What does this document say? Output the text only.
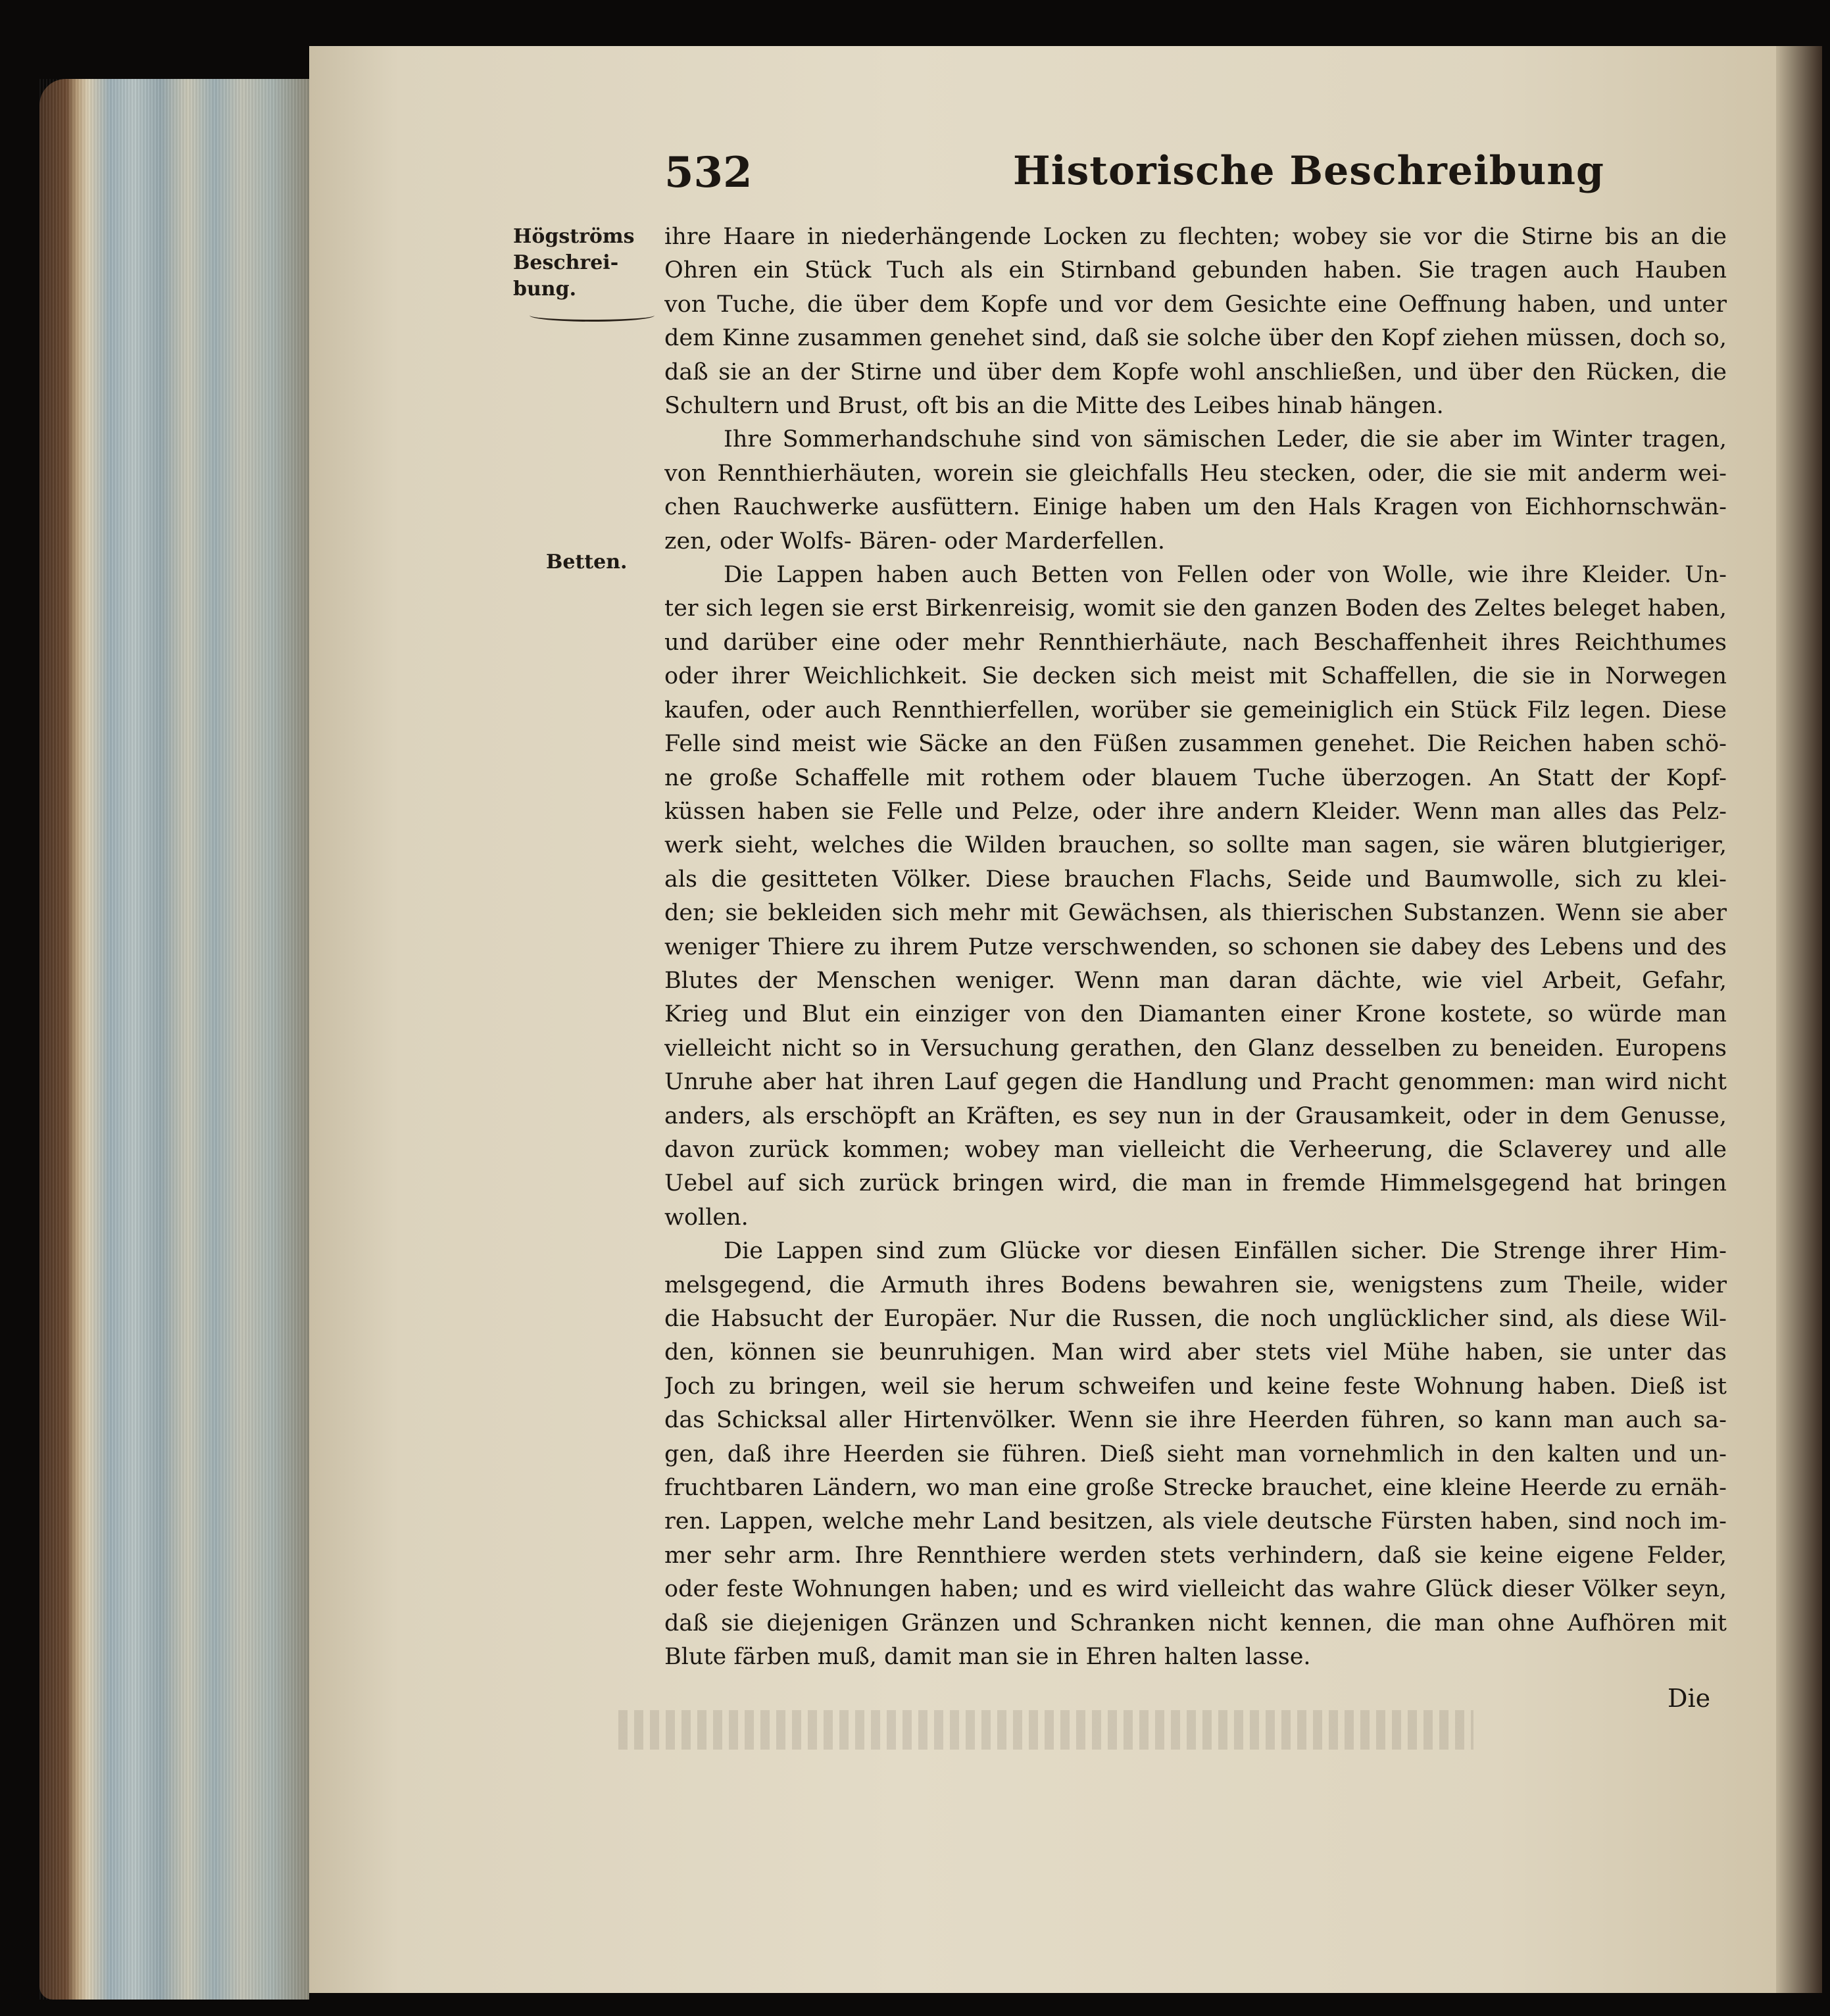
532	Historische Beschreibung
Högströms
Beschrei-
bung.
Betten.
ihre Haare in niederhängende Locken zu flechten; wobey sie vor die Stirne bis an die
Ohren ein Stück Tuch als ein Stirnband gebunden haben. Sie tragen auch Hauben
von Tuche, die über dem Kopfe und vor dem Gesichte eine Oeffnung haben, und unter
dem Kinne zusammen genehet sind, daß sie solche über den Kopf ziehen müssen, doch so,
daß sie an der Stirne und über dem Kopfe wohl anschließen, und über den Rücken, die
Schultern und Brust, oft bis an die Mitte des Leibes hinab hängen.
Ihre Sommerhandschuhe sind von sämischen Leder, die sie aber im Winter tragen,
von Rennthierhäuten, worein sie gleichfalls Heu stecken, oder, die sie mit anderm wei-
chen Rauchwerke ausfüttern. Einige haben um den Hals Kragen von Eichhornschwän-
zen, oder Wolfs- Bären- oder Marderfellen.
Die Lappen haben auch Betten von Fellen oder von Wolle, wie ihre Kleider. Un-
ter sich legen sie erst Birkenreisig, womit sie den ganzen Boden des Zeltes beleget haben,
und darüber eine oder mehr Rennthierhäute, nach Beschaffenheit ihres Reichthumes
oder ihrer Weichlichkeit. Sie decken sich meist mit Schaffellen, die sie in Norwegen
kaufen, oder auch Rennthierfellen, worüber sie gemeiniglich ein Stück Filz legen. Diese
Felle sind meist wie Säcke an den Füßen zusammen genehet. Die Reichen haben schö-
ne große Schaffelle mit rothem oder blauem Tuche überzogen. An Statt der Kopf-
küssen haben sie Felle und Pelze, oder ihre andern Kleider. Wenn man alles das Pelz-
werk sieht, welches die Wilden brauchen, so sollte man sagen, sie wären blutgieriger,
als die gesitteten Völker. Diese brauchen Flachs, Seide und Baumwolle, sich zu klei-
den; sie bekleiden sich mehr mit Gewächsen, als thierischen Substanzen. Wenn sie aber
weniger Thiere zu ihrem Putze verschwenden, so schonen sie dabey des Lebens und des
Blutes der Menschen weniger. Wenn man daran dächte, wie viel Arbeit, Gefahr,
Krieg und Blut ein einziger von den Diamanten einer Krone kostete, so würde man
vielleicht nicht so in Versuchung gerathen, den Glanz desselben zu beneiden. Europens
Unruhe aber hat ihren Lauf gegen die Handlung und Pracht genommen: man wird nicht
anders, als erschöpft an Kräften, es sey nun in der Grausamkeit, oder in dem Genusse,
davon zurück kommen; wobey man vielleicht die Verheerung, die Sclaverey und alle
Uebel auf sich zurück bringen wird, die man in fremde Himmelsgegend hat bringen
wollen.
Die Lappen sind zum Glücke vor diesen Einfällen sicher. Die Strenge ihrer Him-
melsgegend, die Armuth ihres Bodens bewahren sie, wenigstens zum Theile, wider
die Habsucht der Europäer. Nur die Russen, die noch unglücklicher sind, als diese Wil-
den, können sie beunruhigen. Man wird aber stets viel Mühe haben, sie unter das
Joch zu bringen, weil sie herum schweifen und keine feste Wohnung haben. Dieß ist
das Schicksal aller Hirtenvölker. Wenn sie ihre Heerden führen, so kann man auch sa-
gen, daß ihre Heerden sie führen. Dieß sieht man vornehmlich in den kalten und un-
fruchtbaren Ländern, wo man eine große Strecke brauchet, eine kleine Heerde zu ernäh-
ren. Lappen, welche mehr Land besitzen, als viele deutsche Fürsten haben, sind noch im-
mer sehr arm. Ihre Rennthiere werden stets verhindern, daß sie keine eigene Felder,
oder feste Wohnungen haben; und es wird vielleicht das wahre Glück dieser Völker seyn,
daß sie diejenigen Gränzen und Schranken nicht kennen, die man ohne Aufhören mit
Blute färben muß, damit man sie in Ehren halten lasse.
Die
